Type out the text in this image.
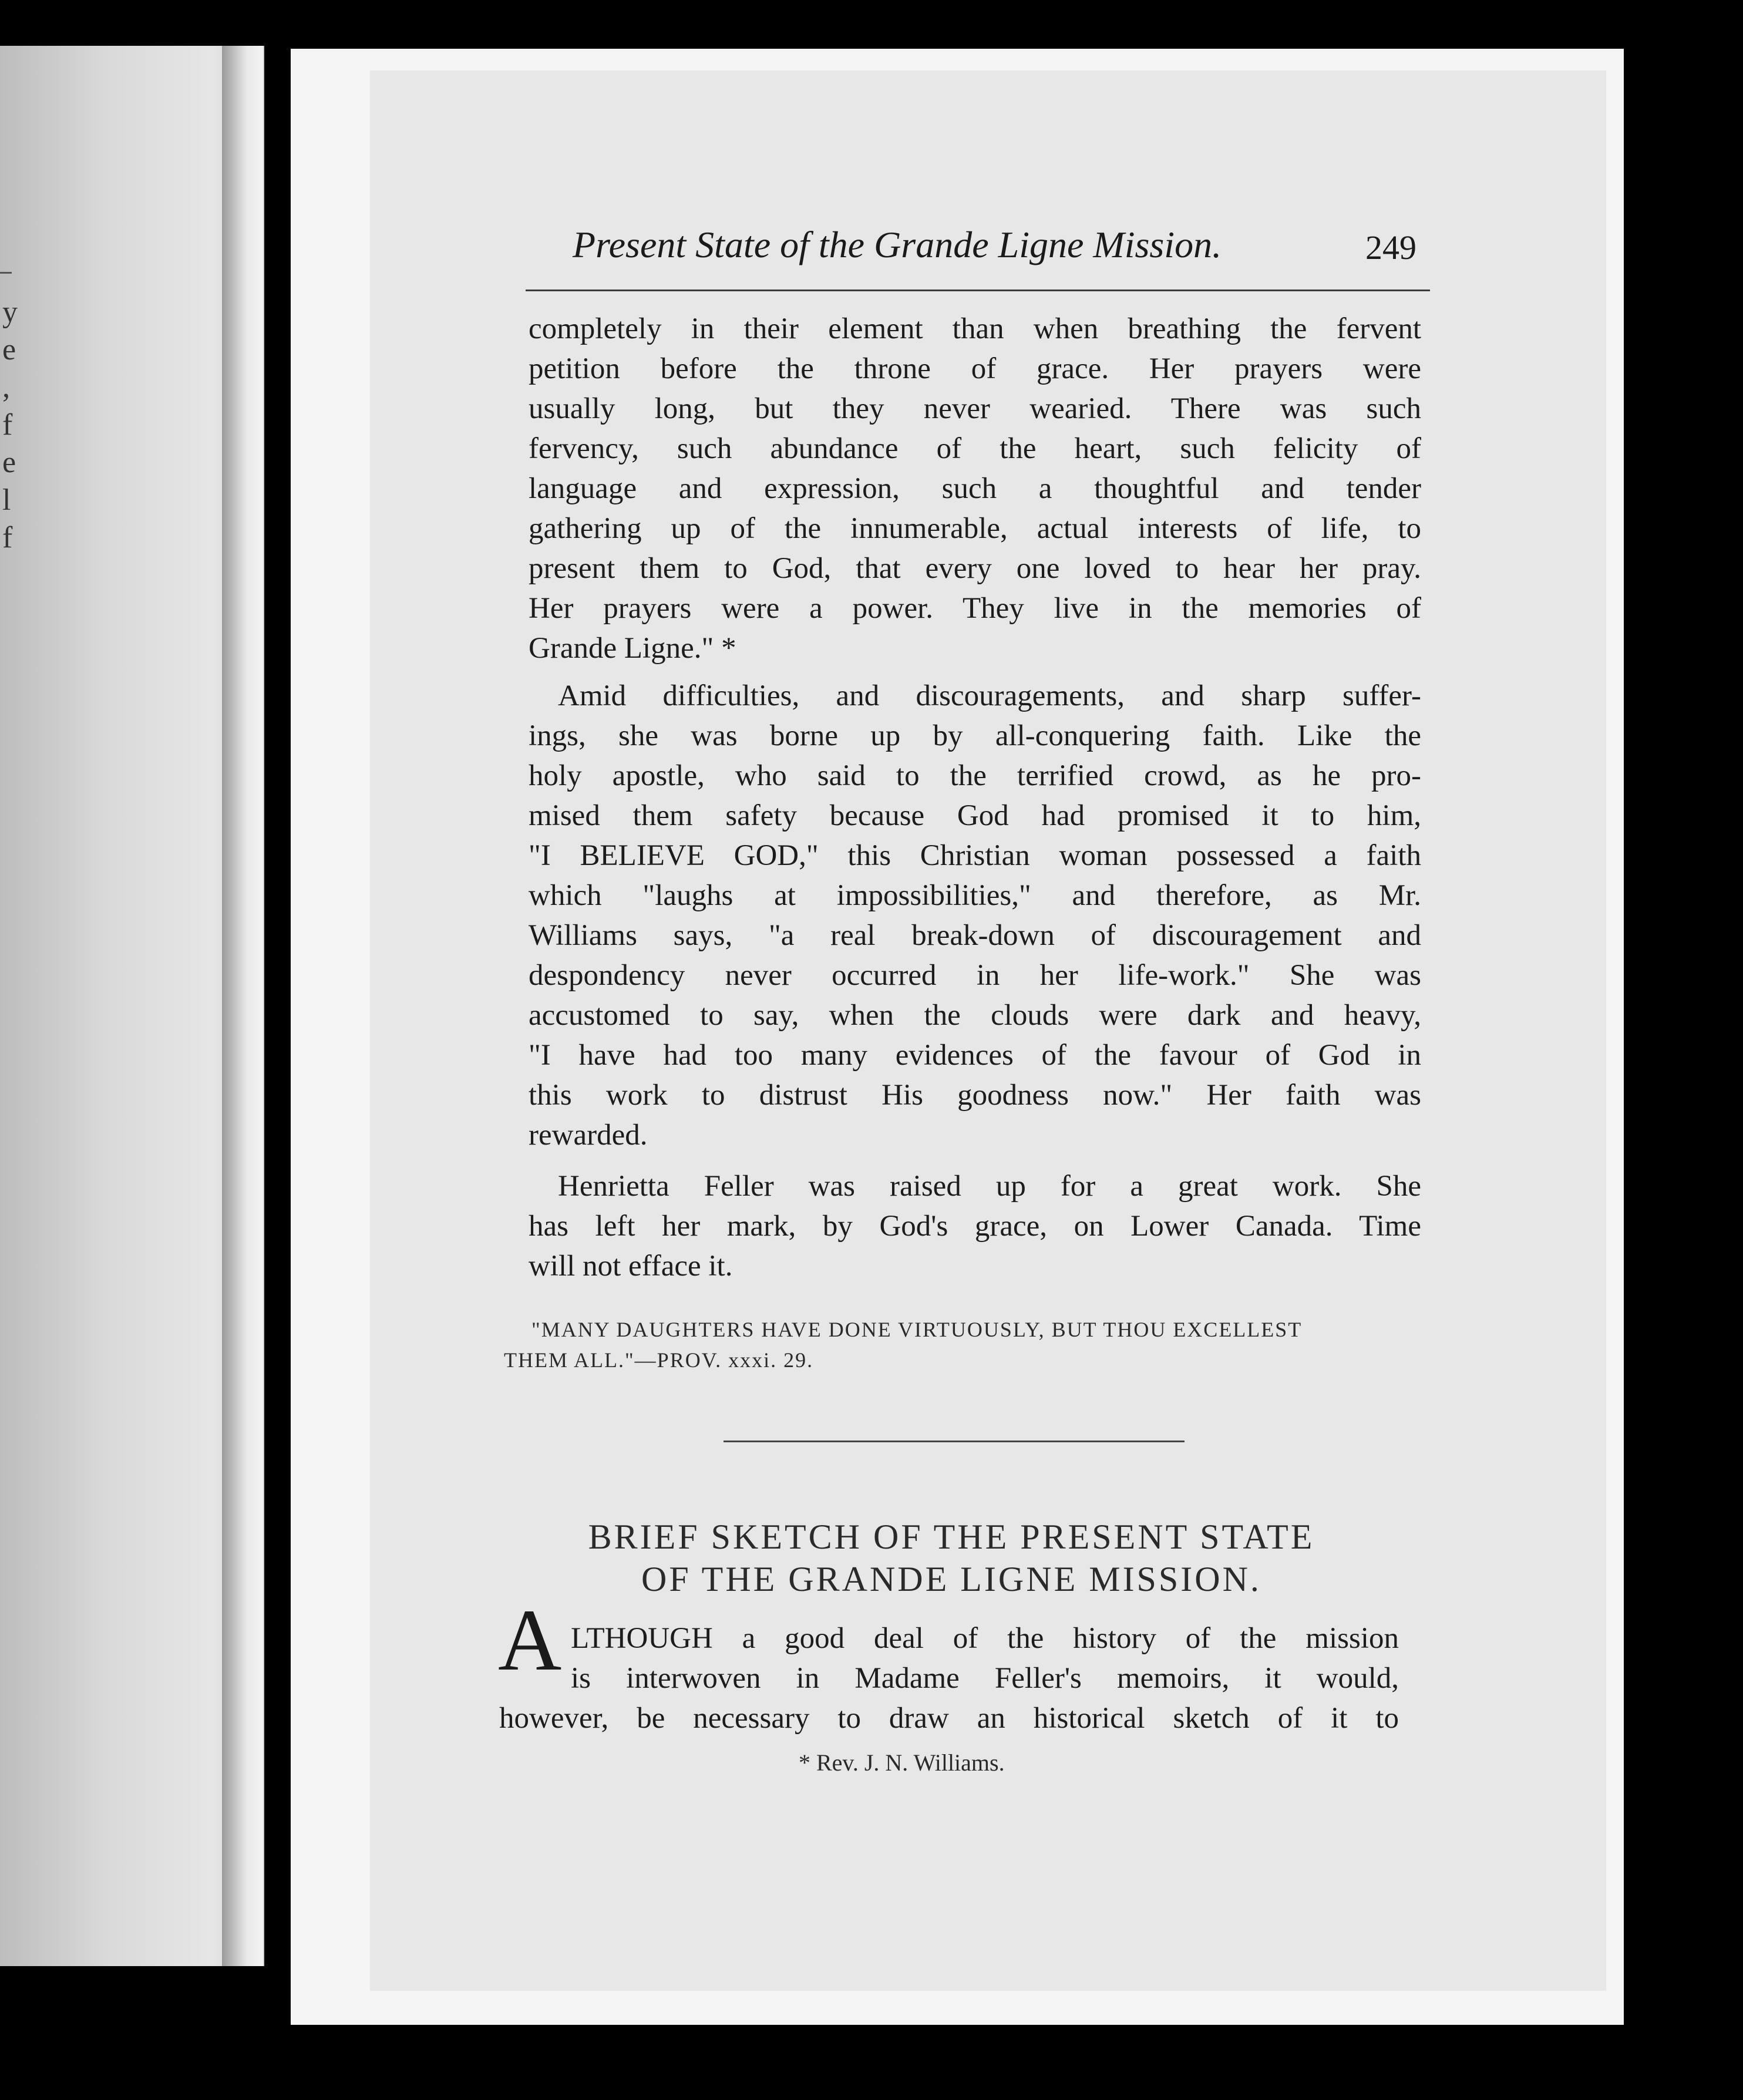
y
e
,
f
e
l
f
Present State of the Grande Ligne Mission.	249
completely in their element than when breathing the fervent
petition before the throne of grace. Her prayers were
usually long, but they never wearied. There was such
fervency, such abundance of the heart, such felicity of
language and expression, such a thoughtful and tender
gathering up of the innumerable, actual interests of life, to
present them to God, that every one loved to hear her pray.
Her prayers were a power. They live in the memories of
Grande Ligne." *
Amid difficulties, and discouragements, and sharp suffer-
ings, she was borne up by all-conquering faith. Like the
holy apostle, who said to the terrified crowd, as he pro-
mised them safety because God had promised it to him,
"I BELIEVE GOD," this Christian woman possessed a faith
which "laughs at impossibilities," and therefore, as Mr.
Williams says, "a real break-down of discouragement and
despondency never occurred in her life-work." She was
accustomed to say, when the clouds were dark and heavy,
"I have had too many evidences of the favour of God in
this work to distrust His goodness now." Her faith was
rewarded.
Henrietta Feller was raised up for a great work. She
has left her mark, by God's grace, on Lower Canada. Time
will not efface it.
"MANY DAUGHTERS HAVE DONE VIRTUOUSLY, BUT THOU EXCELLEST
THEM ALL."—PROV. xxxi. 29.
BRIEF SKETCH OF THE PRESENT STATE
OF THE GRANDE LIGNE MISSION.
A LTHOUGH a good deal of the history of the mission
is interwoven in Madame Feller's memoirs, it would,
however, be necessary to draw an historical sketch of it to
* Rev. J. N. Williams.
